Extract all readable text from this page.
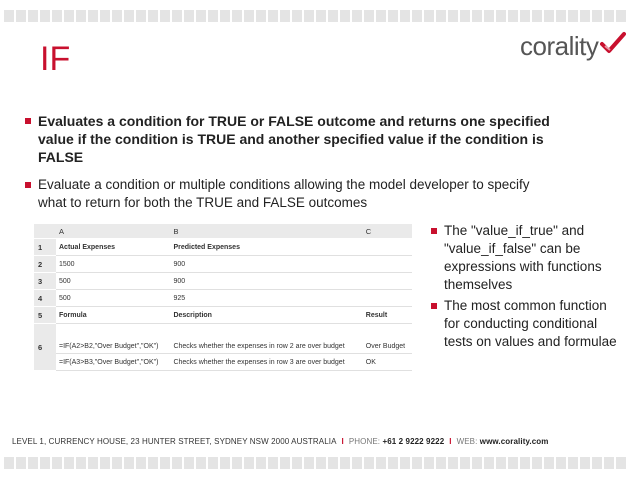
IF	corality
Evaluates a condition for TRUE or FALSE outcome and returns one specified value if the condition is TRUE and another specified value if the condition is FALSE
Evaluate a condition or multiple conditions allowing the model developer to specify what to return for both the TRUE and FALSE outcomes
	A	B	C
1	Actual Expenses	Predicted Expenses	
2	1500	900	
3	500	900	
4	500	925	
5	Formula	Description	Result
6	=IF(A2>B2,"Over Budget","OK")	Checks whether the expenses in row 2 are over budget	Over Budget
	=IF(A3>B3,"Over Budget","OK")	Checks whether the expenses in row 3 are over budget	OK
The "value_if_true" and "value_if_false" can be expressions with functions themselves
The most common function for conducting conditional tests on values and formulae
LEVEL 1, CURRENCY HOUSE, 23 HUNTER STREET, SYDNEY NSW 2000 AUSTRALIA I PHONE: +61 2 9222 9222 I WEB: www.corality.com
